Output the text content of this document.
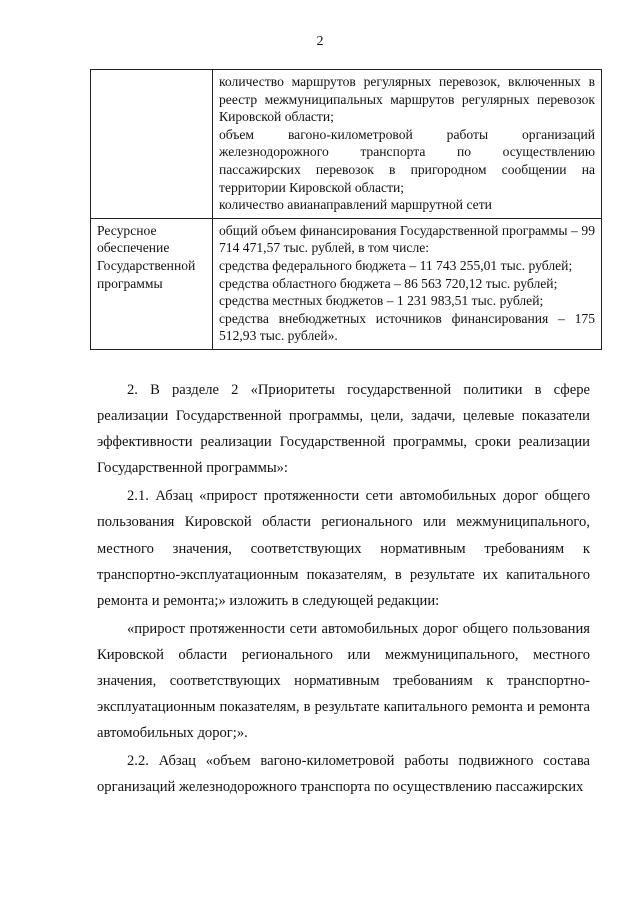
2

	количество маршрутов регулярных перевозок, включенных в реестр межмуниципальных маршрутов регулярных перевозок Кировской области;

объем вагоно-километровой работы организаций железнодорожного транспорта по осуществлению пассажирских перевозок в пригородном сообщении на территории Кировской области;

количество авианаправлений маршрутной сети

Ресурсное обеспечение Государственной программы	общий объем финансирования Государственной программы – 99 714 471,57 тыс. рублей, в том числе:

средства федерального бюджета – 11 743 255,01 тыс. рублей;

средства областного бюджета – 86 563 720,12 тыс. рублей;

средства местных бюджетов – 1 231 983,51 тыс. рублей;

средства внебюджетных источников финансирования – 175 512,93 тыс. рублей».

2. В разделе 2 «Приоритеты государственной политики в сфере реализации Государственной программы, цели, задачи, целевые показатели эффективности реализации Государственной программы, сроки реализации Государственной программы»:

2.1. Абзац «прирост протяженности сети автомобильных дорог общего пользования Кировской области регионального или межмуниципального, местного значения, соответствующих нормативным требованиям к транспортно-эксплуатационным показателям, в результате их капитального ремонта и ремонта;» изложить в следующей редакции:

«прирост протяженности сети автомобильных дорог общего пользования Кировской области регионального или межмуниципального, местного значения, соответствующих нормативным требованиям к транспортно-эксплуатационным показателям, в результате капитального ремонта и ремонта автомобильных дорог;».

2.2. Абзац «объем вагоно-километровой работы подвижного состава организаций железнодорожного транспорта по осуществлению пассажирских
